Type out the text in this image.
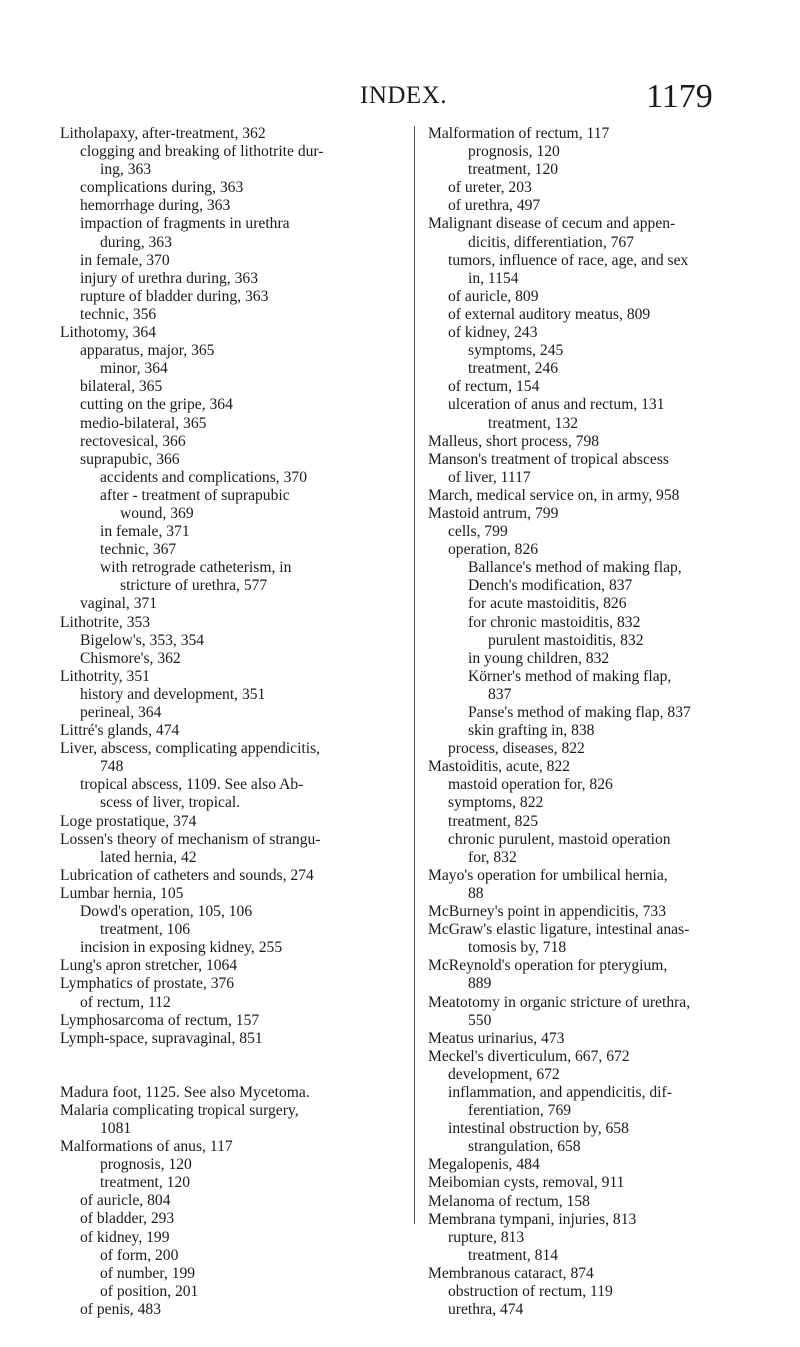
INDEX.	1179
Litholapaxy, after-treatment, 362
clogging and breaking of lithotrite dur-
ing, 363
complications during, 363
hemorrhage during, 363
impaction of fragments in urethra
during, 363
in female, 370
injury of urethra during, 363
rupture of bladder during, 363
technic, 356
Lithotomy, 364
apparatus, major, 365
minor, 364
bilateral, 365
cutting on the gripe, 364
medio-bilateral, 365
rectovesical, 366
suprapubic, 366
accidents and complications, 370
after - treatment of suprapubic
wound, 369
in female, 371
technic, 367
with retrograde catheterism, in
stricture of urethra, 577
vaginal, 371
Lithotrite, 353
Bigelow's, 353, 354
Chismore's, 362
Lithotrity, 351
history and development, 351
perineal, 364
Littré's glands, 474
Liver, abscess, complicating appendicitis,
748
tropical abscess, 1109. See also Ab-
scess of liver, tropical.
Loge prostatique, 374
Lossen's theory of mechanism of strangu-
lated hernia, 42
Lubrication of catheters and sounds, 274
Lumbar hernia, 105
Dowd's operation, 105, 106
treatment, 106
incision in exposing kidney, 255
Lung's apron stretcher, 1064
Lymphatics of prostate, 376
of rectum, 112
Lymphosarcoma of rectum, 157
Lymph-space, supravaginal, 851
Madura foot, 1125. See also Mycetoma.
Malaria complicating tropical surgery,
1081
Malformations of anus, 117
prognosis, 120
treatment, 120
of auricle, 804
of bladder, 293
of kidney, 199
of form, 200
of number, 199
of position, 201
of penis, 483
Malformation of rectum, 117
prognosis, 120
treatment, 120
of ureter, 203
of urethra, 497
Malignant disease of cecum and appen-
dicitis, differentiation, 767
tumors, influence of race, age, and sex
in, 1154
of auricle, 809
of external auditory meatus, 809
of kidney, 243
symptoms, 245
treatment, 246
of rectum, 154
ulceration of anus and rectum, 131
treatment, 132
Malleus, short process, 798
Manson's treatment of tropical abscess
of liver, 1117
March, medical service on, in army, 958
Mastoid antrum, 799
cells, 799
operation, 826
Ballance's method of making flap,
Dench's modification, 837
for acute mastoiditis, 826
for chronic mastoiditis, 832
purulent mastoiditis, 832
in young children, 832
Körner's method of making flap,
837
Panse's method of making flap, 837
skin grafting in, 838
process, diseases, 822
Mastoiditis, acute, 822
mastoid operation for, 826
symptoms, 822
treatment, 825
chronic purulent, mastoid operation
for, 832
Mayo's operation for umbilical hernia,
88
McBurney's point in appendicitis, 733
McGraw's elastic ligature, intestinal anas-
tomosis by, 718
McReynold's operation for pterygium,
889
Meatotomy in organic stricture of urethra,
550
Meatus urinarius, 473
Meckel's diverticulum, 667, 672
development, 672
inflammation, and appendicitis, dif-
ferentiation, 769
intestinal obstruction by, 658
strangulation, 658
Megalopenis, 484
Meibomian cysts, removal, 911
Melanoma of rectum, 158
Membrana tympani, injuries, 813
rupture, 813
treatment, 814
Membranous cataract, 874
obstruction of rectum, 119
urethra, 474
